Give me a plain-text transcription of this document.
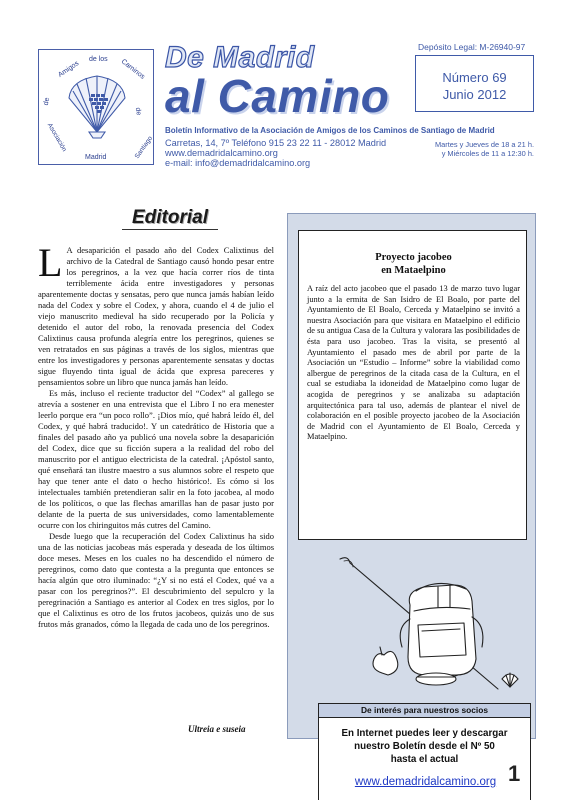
Amigos
de los Caminos
de
de
Asociación	Santiago
Madrid
De Madrid
al Camino
Depósito Legal: M-26940-97
Número 69
Junio 2012
Boletín Informativo de la Asociación de Amigos de los Caminos de Santiago de Madrid
Carretas, 14, 7º Teléfono 915 23 22 11 - 28012 Madrid
www.demadridalcamino.org
e-mail: info@demadridalcamino.org
Martes y Jueves de 18 a 21 h.
y Miércoles de 11 a 12:30 h.
Editorial

L A desaparición el pasado año del Codex Calixtinus del archivo de la Catedral de Santiago causó hondo pesar entre los peregrinos, a la vez que hacía correr ríos de tinta terriblemente ácida entre investigadores y personas aparentemente doctas y sensatas, pero que nunca jamás habían leído nada del Codex y sobre el Codex, y ahora, cuando el 4 de julio el viejo manuscrito medieval ha sido recuperado por la Policía y detenido el autor del robo, la renovada presencia del Codex Calixtinus causa profunda alegría entre los peregrinos, quienes se ven retratados en sus páginas a través de los siglos, mientras que entre los investigadores y personas aparentemente sensatas y doctas sigue fluyendo tinta igual de ácida que expresa pareceres y pensamientos sobre un libro que nunca jamás han leído.

Es más, incluso el reciente traductor del “Codex” al gallego se atrevía a sostener en una entrevista que el Libro I no era menester leerlo porque era “un poco rollo”. ¡Dios mío, qué habrá leído él, del Codex, y qué habrá traducido!. Y un catedrático de Historia que a finales del pasado año ya publicó una novela sobre la desaparición del Codex, dice que su ficción supera a la realidad del robo del manuscrito por el antiguo electricista de la catedral. ¡Apóstol santo, qué enseñará tan ilustre maestro a sus alumnos sobre el respeto que hay que tener ante el dato o hecho histórico!. Es cómo si los intelectuales también pretendieran salir en la foto jacobea, al modo de los políticos, o que las flechas amarillas han de pasar justo por delante de la puerta de sus universidades, como lamentablemente ocurre con los chiringuitos más cutres del Camino.

Desde luego que la recuperación del Codex Calixtinus ha sido una de las noticias jacobeas más esperada y deseada de los últimos doce meses. Meses en los cuales no ha descendido el número de peregrinos, como dato que contesta a la pregunta que entonces se hacía algún que otro iluminado: “¿Y si no está el Codex, qué va a pasar con los peregrinos?”. El descubrimiento del sepulcro y la peregrinación a Santiago es anterior al Codex en tres siglos, por lo que el Calixtinus es otro de los frutos jacobeos, quizás uno de sus frutos más granados, cómo la llegada de cada uno de los peregrinos.

Ultreia e suseia
Proyecto jacobeo
en Mataelpino
A raíz del acto jacobeo que el pasado 13 de marzo tuvo lugar junto a la ermita de San Isidro de El Boalo, por parte del Ayuntamiento de El Boalo, Cerceda y Mataelpino se invitó a nuestra Asociación para que visitara en Mataelpino el edificio de su antigua Casa de la Cultura y valorara las posibilidades de ésta para uso jacobeo. Tras la visita, se presentó al Ayuntamiento el pasado mes de abril por parte de la Asociación un “Estudio – Informe” sobre la viabilidad como albergue de peregrinos de la citada casa de la Cultura, en el cual se estudiaba la idoneidad de Mataelpino como lugar de acogida de peregrinos y se analizaba su adaptación arquitectónica para tal uso, además de plantear el nivel de colaboración en el posible proyecto jacobeo de la Asociación de Madrid con el Ayuntamiento de El Boalo, Cerceda y Mataelpino.
De interés para nuestros socios
En Internet puedes leer y descargar
nuestro Boletín desde el Nº 50
hasta el actual
www.demadridalcamino.org 1
